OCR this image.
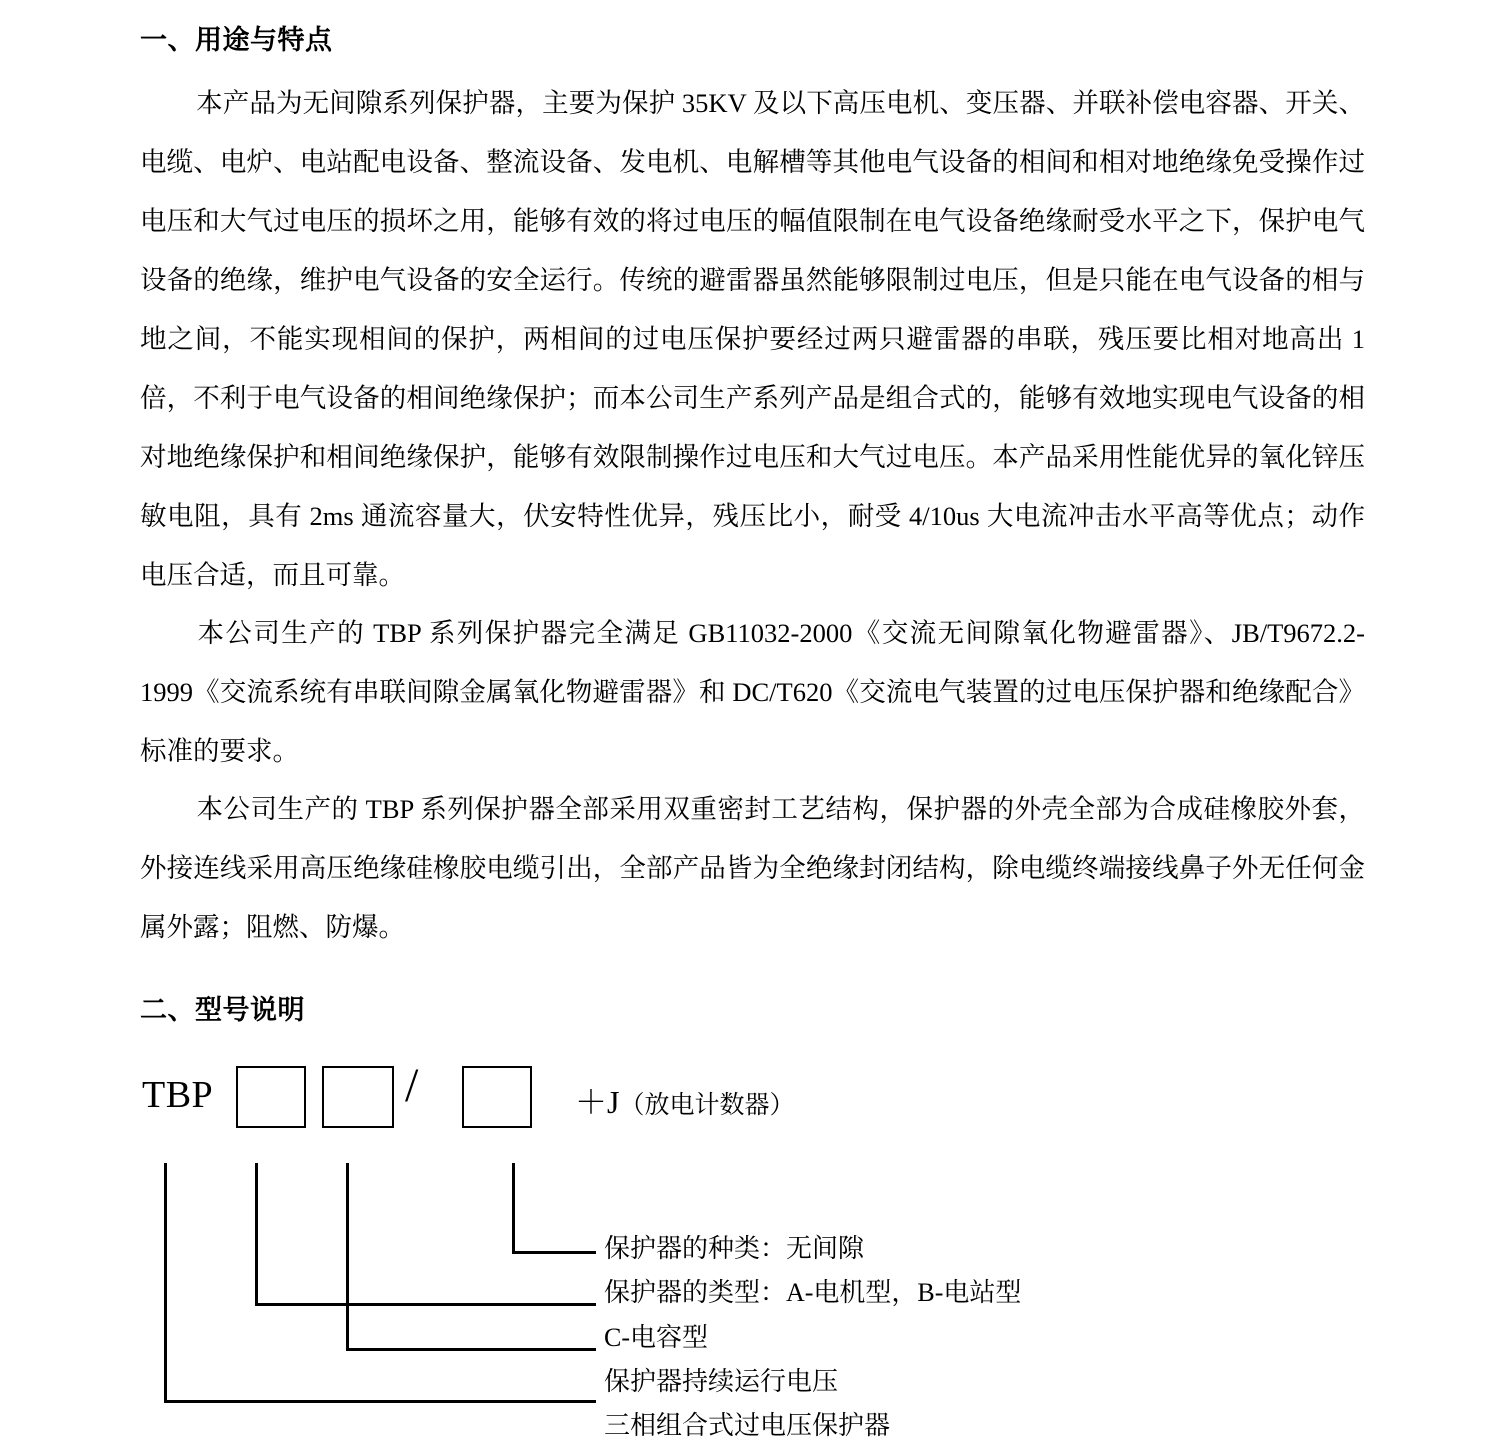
一、用途与特点
本产品为无间隙系列保护器，主要为保护 35KV 及以下高压电机、变压器、并联补偿电容器、开关、电缆、电炉、电站配电设备、整流设备、发电机、电解槽等其他电气设备的相间和相对地绝缘免受操作过电压和大气过电压的损坏之用，能够有效的将过电压的幅值限制在电气设备绝缘耐受水平之下，保护电气设备的绝缘，维护电气设备的安全运行。传统的避雷器虽然能够限制过电压，但是只能在电气设备的相与地之间，不能实现相间的保护，两相间的过电压保护要经过两只避雷器的串联，残压要比相对地高出 1 倍，不利于电气设备的相间绝缘保护；而本公司生产系列产品是组合式的，能够有效地实现电气设备的相对地绝缘保护和相间绝缘保护，能够有效限制操作过电压和大气过电压。本产品采用性能优异的氧化锌压敏电阻，具有 2ms 通流容量大，伏安特性优异，残压比小，耐受 4/10us 大电流冲击水平高等优点；动作电压合适，而且可靠。
本公司生产的 TBP 系列保护器完全满足 GB11032-2000《交流无间隙氧化物避雷器》、JB/T9672.2-1999《交流系统有串联间隙金属氧化物避雷器》和 DC/T620《交流电气装置的过电压保护器和绝缘配合》标准的要求。
本公司生产的 TBP 系列保护器全部采用双重密封工艺结构，保护器的外壳全部为合成硅橡胶外套，外接连线采用高压绝缘硅橡胶电缆引出，全部产品皆为全绝缘封闭结构，除电缆终端接线鼻子外无任何金属外露；阻燃、防爆。
二、型号说明
TBP	/	＋J（放电计数器）
保护器的种类：无间隙
保护器的类型：A-电机型，B-电站型
C-电容型
保护器持续运行电压
三相组合式过电压保护器
